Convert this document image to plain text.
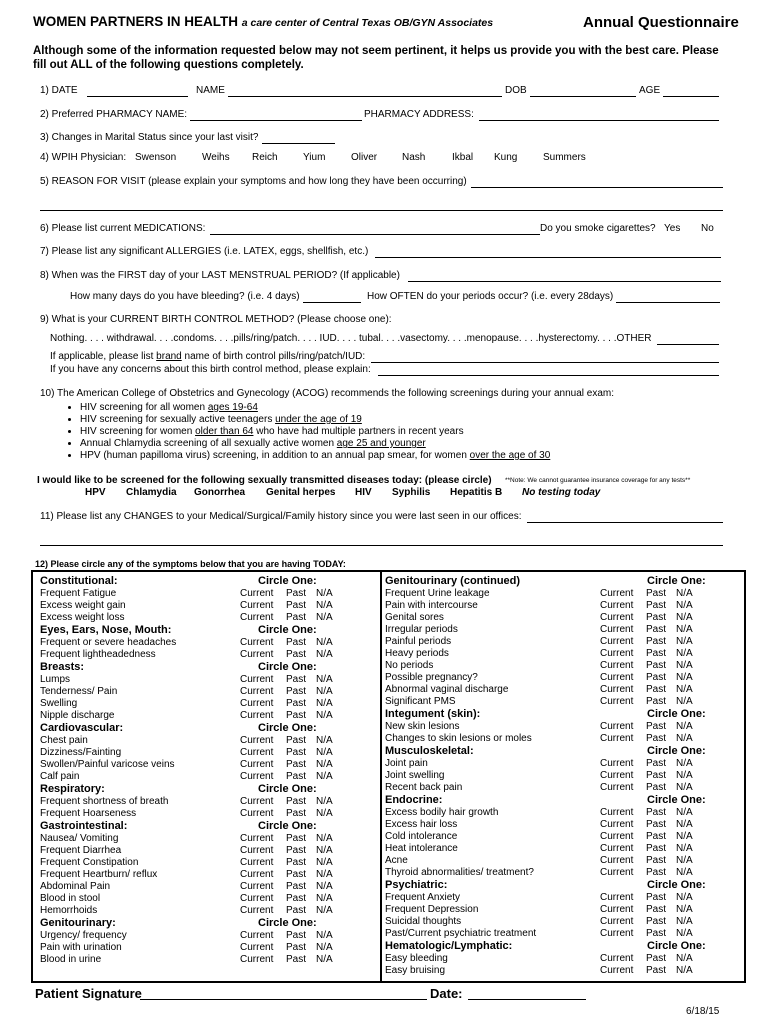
WOMEN PARTNERS IN HEALTH a care center of Central Texas OB/GYN Associates	Annual Questionnaire
Although some of the information requested below may not seem pertinent, it helps us provide you with the best care. Please fill out ALL of the following questions completely.
1) DATE	NAME	DOB	AGE
2) Preferred PHARMACY NAME:	PHARMACY ADDRESS:
3) Changes in Marital Status since your last visit?
4) WPIH Physician: Swenson	Weihs Reich	Yium	Oliver Nash	Ikbal Kung	Summers
5) REASON FOR VISIT (please explain your symptoms and how long they have been occurring)
6) Please list current MEDICATIONS:	Do you smoke cigarettes? Yes No
7) Please list any significant ALLERGIES (i.e. LATEX, eggs, shellfish, etc.)
8) When was the FIRST day of your LAST MENSTRUAL PERIOD? (If applicable)
How many days do you have bleeding? (i.e. 4 days)	How OFTEN do your periods occur? (i.e. every 28days)
9) What is your CURRENT BIRTH CONTROL METHOD? (Please choose one):
Nothing. . . . withdrawal. . . .condoms. . . .pills/ring/patch. . . . IUD. . . . tubal. . . .vasectomy. . . .menopause. . . .hysterectomy. . . .OTHER
If applicable, please list brand name of birth control pills/ring/patch/IUD:
If you have any concerns about this birth control method, please explain:
10) The American College of Obstetrics and Gynecology (ACOG) recommends the following screenings during your annual exam:
• HIV screening for all women ages 19-64
• HIV screening for sexually active teenagers under the age of 19
• HIV screening for women older than 64 who have had multiple partners in recent years
• Annual Chlamydia screening of all sexually active women age 25 and younger
• HPV (human papilloma virus) screening, in addition to an annual pap smear, for women over the age of 30
I would like to be screened for the following sexually transmitted diseases today: (please circle) **Note: We cannot guarantee insurance coverage for any tests**
HPV Chlamydia Gonorrhea Genital herpes HIV Syphilis Hepatitis B No testing today
11) Please list any CHANGES to your Medical/Surgical/Family history since you were last seen in our offices:
12) Please circle any of the symptoms below that you are having TODAY:
Constitutional:	Circle One:
Frequent Fatigue	Current Past N/A
Excess weight gain	Current Past N/A
Excess weight loss	Current Past N/A
Eyes, Ears, Nose, Mouth:	Circle One:
Frequent or severe headaches	Current Past N/A
Frequent lightheadedness	Current Past N/A
Breasts:	Circle One:
Lumps	Current Past N/A
Tenderness/ Pain	Current Past N/A
Swelling	Current Past N/A
Nipple discharge	Current Past N/A
Cardiovascular:	Circle One:
Chest pain	Current Past N/A
Dizziness/Fainting	Current Past N/A
Swollen/Painful varicose veins	Current Past N/A
Calf pain	Current Past N/A
Respiratory:	Circle One:
Frequent shortness of breath	Current Past N/A
Frequent Hoarseness	Current Past N/A
Gastrointestinal:	Circle One:
Nausea/ Vomiting	Current Past N/A
Frequent Diarrhea	Current Past N/A
Frequent Constipation	Current Past N/A
Frequent Heartburn/ reflux	Current Past N/A
Abdominal Pain	Current Past N/A
Blood in stool	Current Past N/A
Hemorrhoids	Current Past N/A
Genitourinary:	Circle One:
Urgency/ frequency	Current Past N/A
Pain with urination	Current Past N/A
Blood in urine	Current Past N/A
Genitourinary (continued)	Circle One:
Frequent Urine leakage	Current Past N/A
Pain with intercourse	Current Past N/A
Genital sores	Current Past N/A
Irregular periods	Current Past N/A
Painful periods	Current Past N/A
Heavy periods	Current Past N/A
No periods	Current Past N/A
Possible pregnancy?	Current Past N/A
Abnormal vaginal discharge	Current Past N/A
Significant PMS	Current Past N/A
Integument (skin):	Circle One:
New skin lesions	Current Past N/A
Changes to skin lesions or moles	Current Past N/A
Musculoskeletal:	Circle One:
Joint pain	Current Past N/A
Joint swelling	Current Past N/A
Recent back pain	Current Past N/A
Endocrine:	Circle One:
Excess bodily hair growth	Current Past N/A
Excess hair loss	Current Past N/A
Cold intolerance	Current Past N/A
Heat intolerance	Current Past N/A
Acne	Current Past N/A
Thyroid abnormalities/ treatment?	Current Past N/A
Psychiatric:	Circle One:
Frequent Anxiety	Current Past N/A
Frequent Depression	Current Past N/A
Suicidal thoughts	Current Past N/A
Past/Current psychiatric treatment	Current Past N/A
Hematologic/Lymphatic:	Circle One:
Easy bleeding	Current Past N/A
Easy bruising	Current Past N/A
Patient Signature	Date:
6/18/15
